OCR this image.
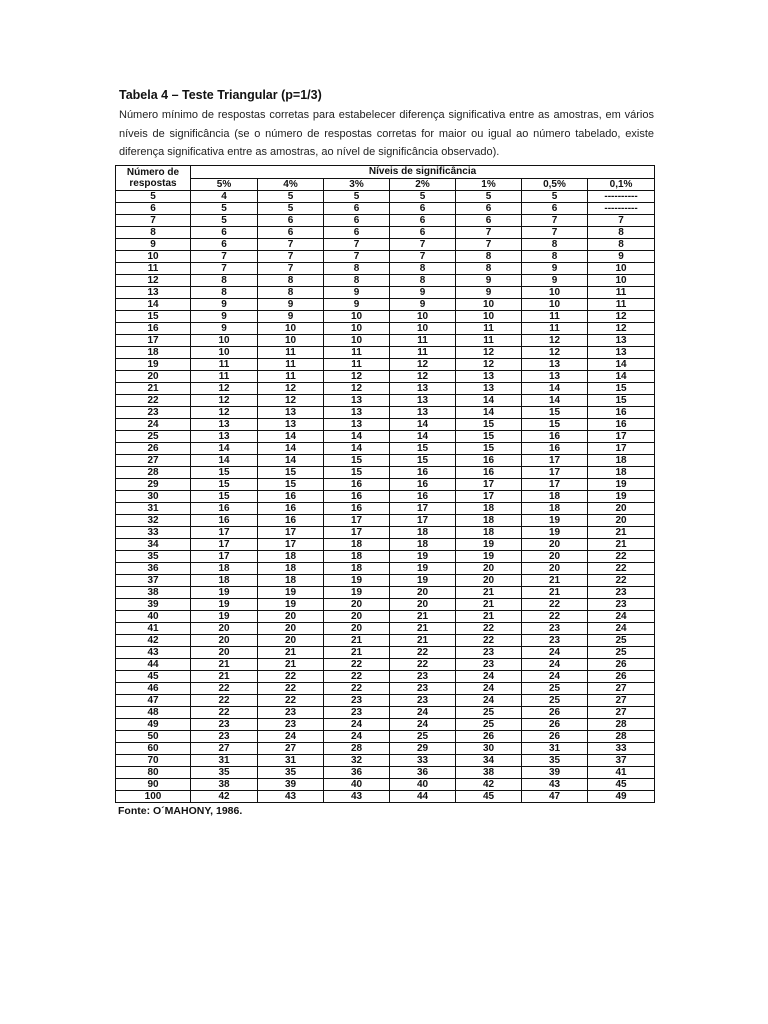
Tabela 4 – Teste Triangular (p=1/3)
Número mínimo de respostas corretas para estabelecer diferença significativa entre as amostras, em vários níveis de significância (se o número de respostas corretas for maior ou igual ao número tabelado, existe diferença significativa entre as amostras, ao nível de significância observado).
Número de
respostas	Níveis de significância						
	5%	4%	3%	2%	1%	0,5%	0,1%
5	4	5	5	5	5	5	----------
6	5	5	6	6	6	6	----------
7	5	6	6	6	6	7	7
8	6	6	6	6	7	7	8
9	6	7	7	7	7	8	8
10	7	7	7	7	8	8	9
11	7	7	8	8	8	9	10
12	8	8	8	8	9	9	10
13	8	8	9	9	9	10	11
14	9	9	9	9	10	10	11
15	9	9	10	10	10	11	12
16	9	10	10	10	11	11	12
17	10	10	10	11	11	12	13
18	10	11	11	11	12	12	13
19	11	11	11	12	12	13	14
20	11	11	12	12	13	13	14
21	12	12	12	13	13	14	15
22	12	12	13	13	14	14	15
23	12	13	13	13	14	15	16
24	13	13	13	14	15	15	16
25	13	14	14	14	15	16	17
26	14	14	14	15	15	16	17
27	14	14	15	15	16	17	18
28	15	15	15	16	16	17	18
29	15	15	16	16	17	17	19
30	15	16	16	16	17	18	19
31	16	16	16	17	18	18	20
32	16	16	17	17	18	19	20
33	17	17	17	18	18	19	21
34	17	17	18	18	19	20	21
35	17	18	18	19	19	20	22
36	18	18	18	19	20	20	22
37	18	18	19	19	20	21	22
38	19	19	19	20	21	21	23
39	19	19	20	20	21	22	23
40	19	20	20	21	21	22	24
41	20	20	20	21	22	23	24
42	20	20	21	21	22	23	25
43	20	21	21	22	23	24	25
44	21	21	22	22	23	24	26
45	21	22	22	23	24	24	26
46	22	22	22	23	24	25	27
47	22	22	23	23	24	25	27
48	22	23	23	24	25	26	27
49	23	23	24	24	25	26	28
50	23	24	24	25	26	26	28
60	27	27	28	29	30	31	33
70	31	31	32	33	34	35	37
80	35	35	36	36	38	39	41
90	38	39	40	40	42	43	45
100	42	43	43	44	45	47	49
Fonte: O´MAHONY, 1986.
